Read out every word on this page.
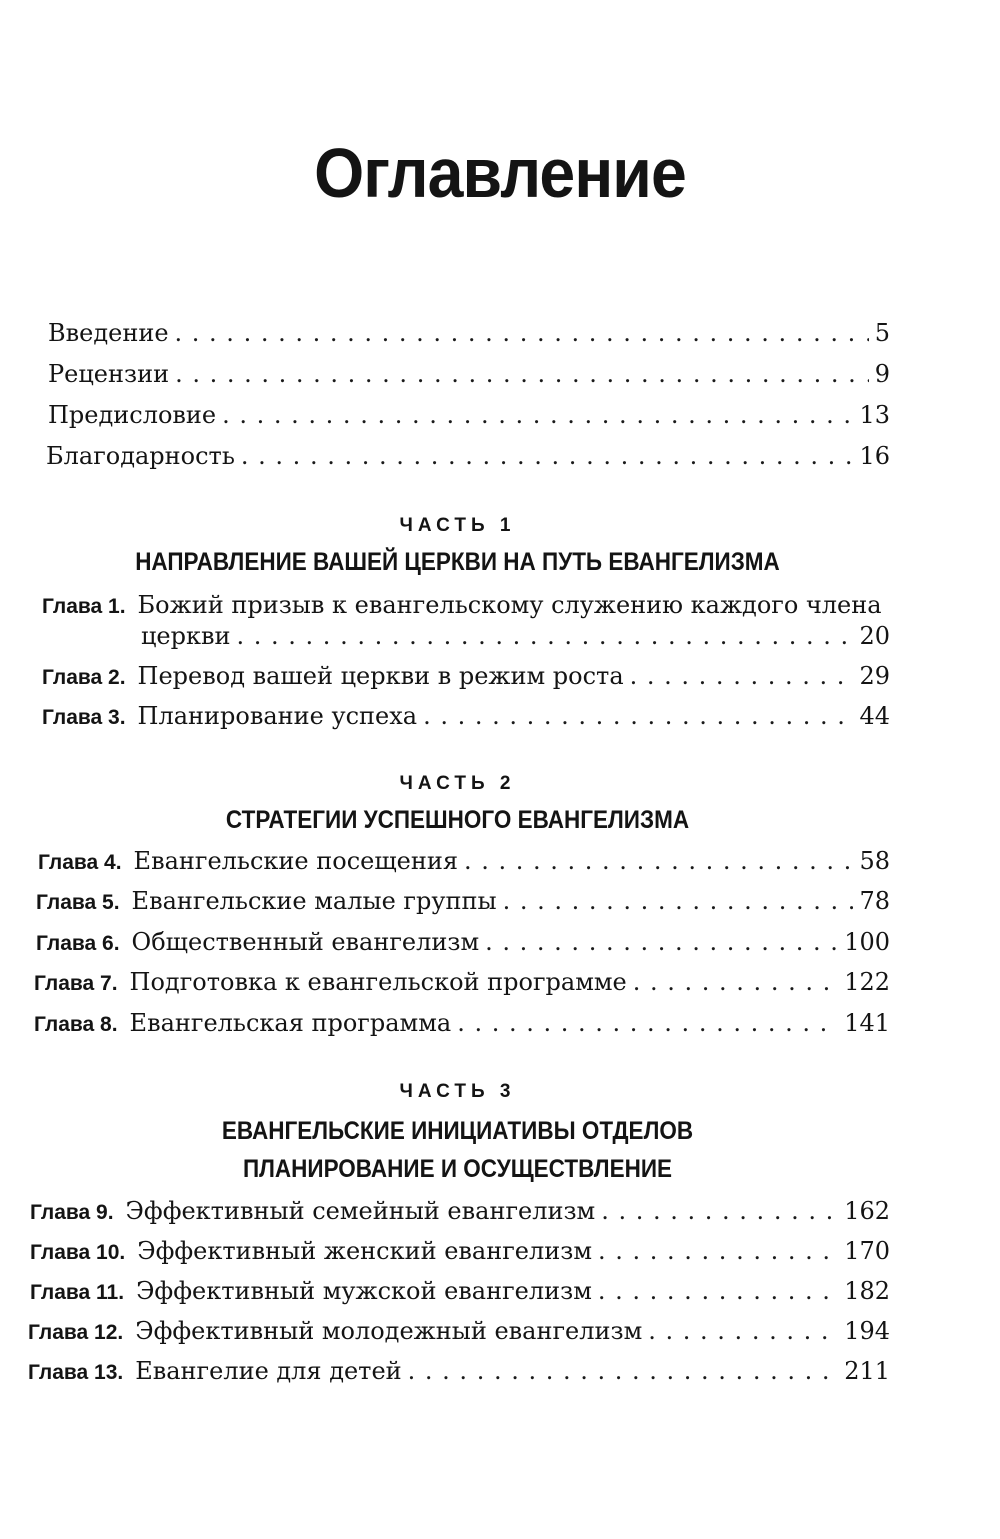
Оглавление
Введение . . .	5
Рецензии . . .	9
Предисловие . . .	13
Благодарность . . .	16
ЧАСТЬ 1
НАПРАВЛЕНИЕ ВАШЕЙ ЦЕРКВИ НА ПУТЬ ЕВАНГЕЛИЗМА
Глава 1. Божий призыв к евангельскому служению каждого члена
церкви . . .	20
Глава 2. Перевод вашей церкви в режим роста . . .	29
Глава 3. Планирование успеха . . .	44
ЧАСТЬ 2
СТРАТЕГИИ УСПЕШНОГО ЕВАНГЕЛИЗМА
Глава 4. Евангельские посещения . . .	58
Глава 5. Евангельские малые группы . . .	78
Глава 6. Общественный евангелизм . . .	100
Глава 7. Подготовка к евангельской программе . . .	122
Глава 8. Евангельская программа . . .	141
ЧАСТЬ 3
ЕВАНГЕЛЬСКИЕ ИНИЦИАТИВЫ ОТДЕЛОВ
ПЛАНИРОВАНИЕ И ОСУЩЕСТВЛЕНИЕ
Глава 9. Эффективный семейный евангелизм . . .	162
Глава 10. Эффективный женский евангелизм . . .	170
Глава 11. Эффективный мужской евангелизм . . .	182
Глава 12. Эффективный молодежный евангелизм . . .	194
Глава 13. Евангелие для детей . . .	211
